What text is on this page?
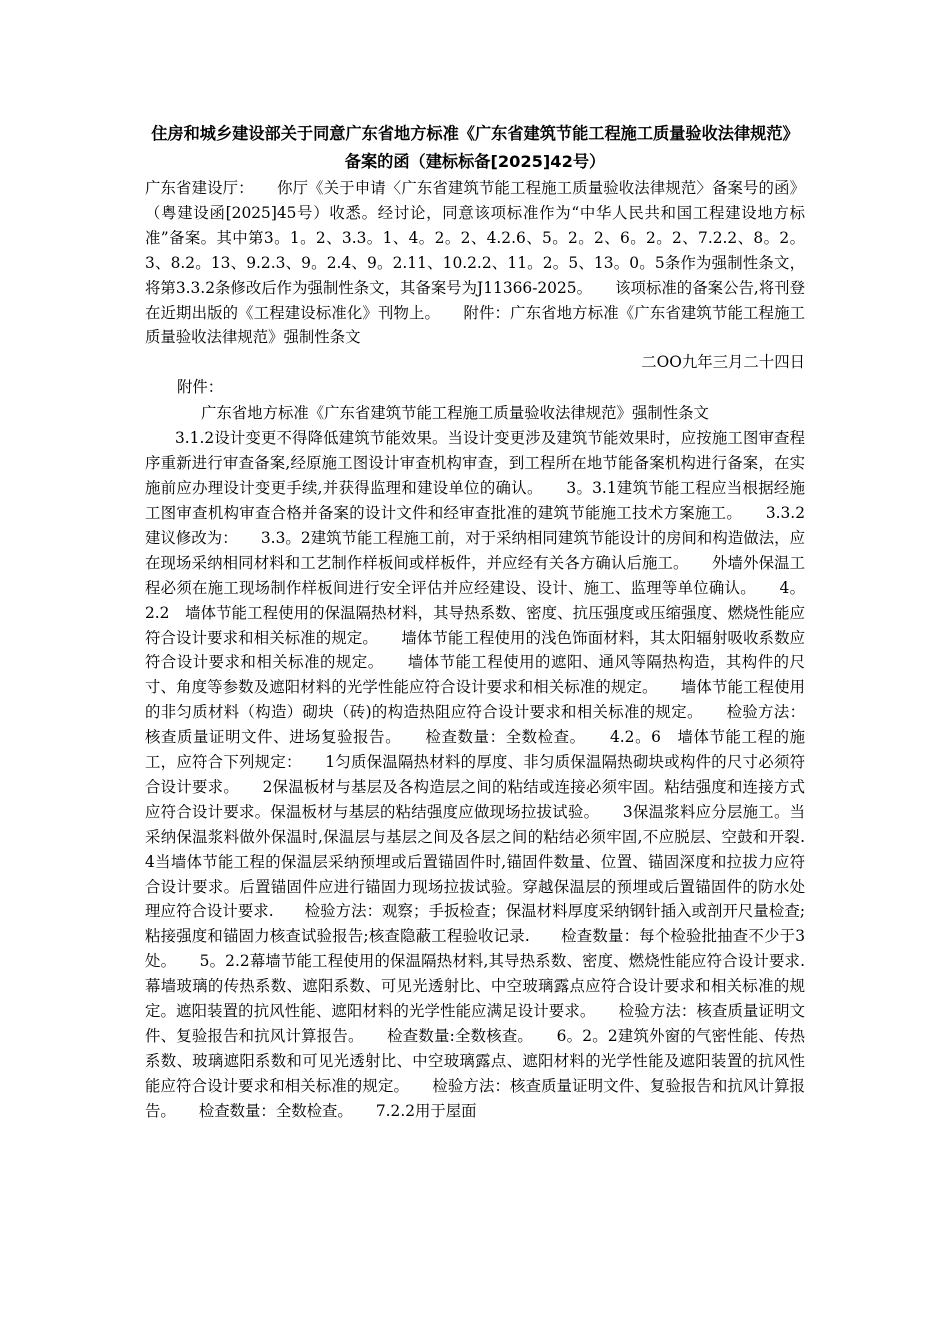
住房和城乡建设部关于同意广东省地方标准《广东省建筑节能工程施工质量验收法律规范》备案的函（建标标备[2025]42号）

广东省建设厅：　　你厅《关于申请〈广东省建筑节能工程施工质量验收法律规范〉备案号的函》（粤建设函[2025]45号）收悉。经讨论，同意该项标准作为“中华人民共和国工程建设地方标准”备案。其中第3。1。2、3.3。1、4。2。2、4.2.6、5。2。2、6。2。2、7.2.2、8。2。3、8.2。13、9.2.3、9。2.4、9。2.11、10.2.2、11。2。5、13。0。5条作为强制性条文，将第3.3.2条修改后作为强制性条文，其备案号为J11366-2025。　　该项标准的备案公告,将刊登在近期出版的《工程建设标准化》刊物上。　　附件：广东省地方标准《广东省建筑节能工程施工质量验收法律规范》强制性条文

二OO九年三月二十四日

附件：

广东省地方标准《广东省建筑节能工程施工质量验收法律规范》强制性条文

3.1.2设计变更不得降低建筑节能效果。当设计变更涉及建筑节能效果时，应按施工图审查程序重新进行审查备案,经原施工图设计审查机构审查，到工程所在地节能备案机构进行备案，在实施前应办理设计变更手续,并获得监理和建设单位的确认。　　3。3.1建筑节能工程应当根据经施工图审查机构审查合格并备案的设计文件和经审查批准的建筑节能施工技术方案施工。　　3.3.2建议修改为：　　3.3。2建筑节能工程施工前，对于采纳相同建筑节能设计的房间和构造做法，应在现场采纳相同材料和工艺制作样板间或样板件，并应经有关各方确认后施工。　　外墙外保温工程必须在施工现场制作样板间进行安全评估并应经建设、设计、施工、监理等单位确认。　　4。2.2　墙体节能工程使用的保温隔热材料，其导热系数、密度、抗压强度或压缩强度、燃烧性能应符合设计要求和相关标准的规定。　　墙体节能工程使用的浅色饰面材料，其太阳辐射吸收系数应符合设计要求和相关标准的规定。　　墙体节能工程使用的遮阳、通风等隔热构造，其构件的尺寸、角度等参数及遮阳材料的光学性能应符合设计要求和相关标准的规定。　　墙体节能工程使用的非匀质材料（构造）砌块（砖)的构造热阻应符合设计要求和相关标准的规定。　　检验方法：核查质量证明文件、进场复验报告。　　检查数量：全数检查。　　4.2。6　墙体节能工程的施工，应符合下列规定：　　1匀质保温隔热材料的厚度、非匀质保温隔热砌块或构件的尺寸必须符合设计要求。　　2保温板材与基层及各构造层之间的粘结或连接必须牢固。粘结强度和连接方式应符合设计要求。保温板材与基层的粘结强度应做现场拉拔试验。　　3保温浆料应分层施工。当采纳保温浆料做外保温时,保温层与基层之间及各层之间的粘结必须牢固,不应脱层、空鼓和开裂.　　4当墙体节能工程的保温层采纳预埋或后置锚固件时,锚固件数量、位置、锚固深度和拉拔力应符合设计要求。后置锚固件应进行锚固力现场拉拔试验。穿越保温层的预埋或后置锚固件的防水处理应符合设计要求.　　检验方法：观察；手扳检查；保温材料厚度采纳钢针插入或剖开尺量检查;粘接强度和锚固力核查试验报告;核查隐蔽工程验收记录.　　检查数量：每个检验批抽查不少于3处。　　5。2.2幕墙节能工程使用的保温隔热材料,其导热系数、密度、燃烧性能应符合设计要求.幕墙玻璃的传热系数、遮阳系数、可见光透射比、中空玻璃露点应符合设计要求和相关标准的规定。遮阳装置的抗风性能、遮阳材料的光学性能应满足设计要求。　　检验方法：核查质量证明文件、复验报告和抗风计算报告。　　检查数量:全数核查。　　6。2。2建筑外窗的气密性能、传热系数、玻璃遮阳系数和可见光透射比、中空玻璃露点、遮阳材料的光学性能及遮阳装置的抗风性能应符合设计要求和相关标准的规定。　　检验方法：核查质量证明文件、复验报告和抗风计算报告。　　检查数量：全数检查。　　7.2.2用于屋面
